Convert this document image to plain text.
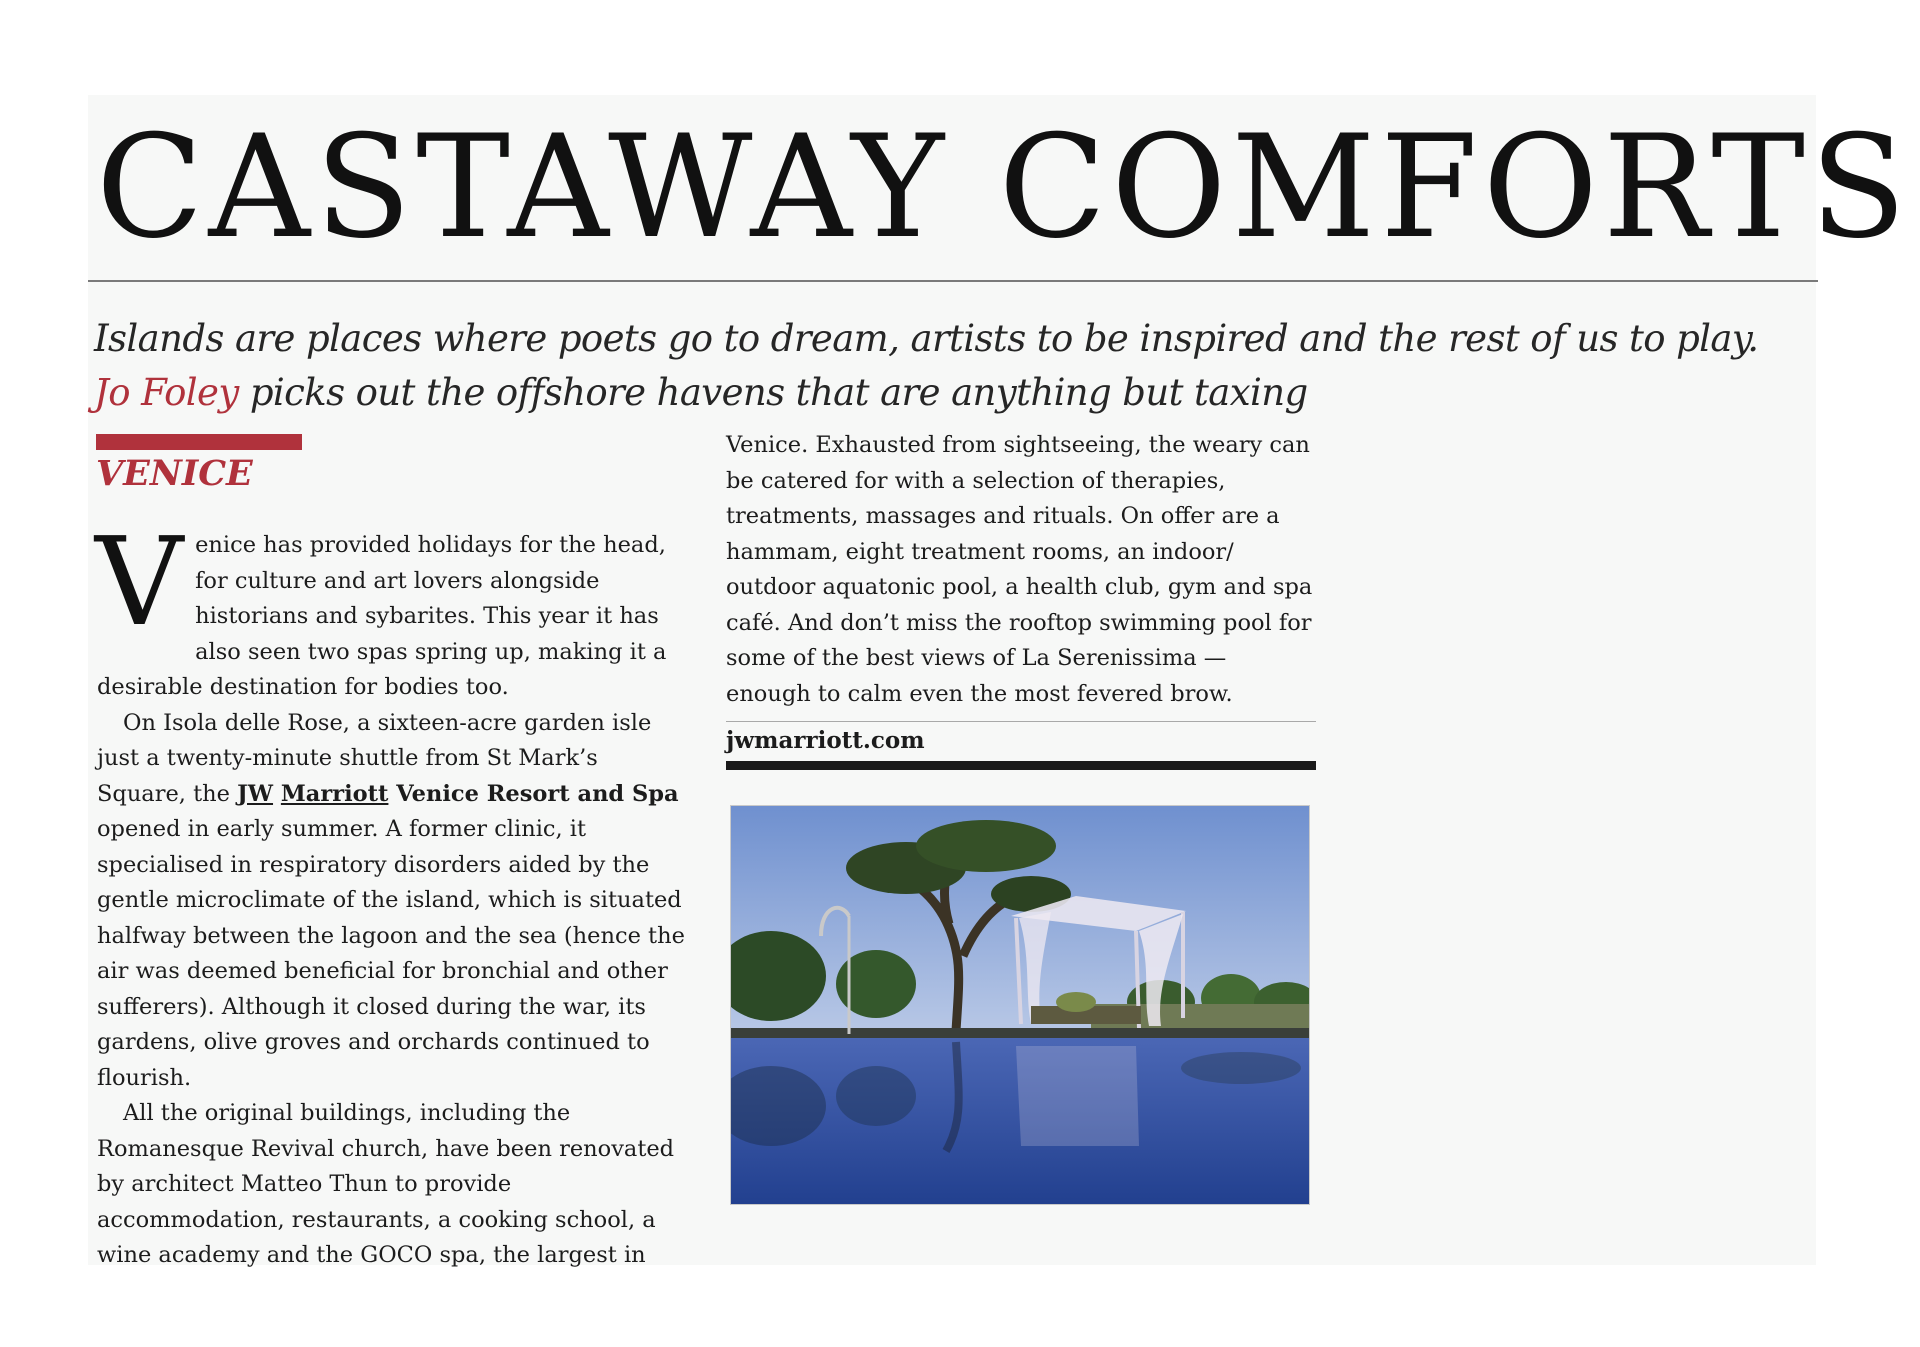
CASTAWAY COMFORTS

Islands are places where poets go to dream, artists to be inspired and the rest of us to play.
Jo Foley picks out the offshore havens that are anything but taxing

VENICE

Venice has provided holidays for the head, for culture and art lovers alongside historians and sybarites. This year it has also seen two spas spring up, making it a desirable destination for bodies too.

On Isola delle Rose, a sixteen-acre garden isle just a twenty-minute shuttle from St Mark’s Square, the JW Marriott Venice Resort and Spa opened in early summer. A former clinic, it specialised in respiratory disorders aided by the gentle microclimate of the island, which is situated halfway between the lagoon and the sea (hence the air was deemed beneficial for bronchial and other sufferers). Although it closed during the war, its gardens, olive groves and orchards continued to flourish.

All the original buildings, including the Romanesque Revival church, have been renovated by architect Matteo Thun to provide accommodation, restaurants, a cooking school, a wine academy and the GOCO spa, the largest in

Venice. Exhausted from sightseeing, the weary can be catered for with a selection of therapies, treatments, massages and rituals. On offer are a hammam, eight treatment rooms, an indoor/ outdoor aquatonic pool, a health club, gym and spa café. And don’t miss the rooftop swimming pool for some of the best views of La Serenissima — enough to calm even the most fevered brow.

jwmarriott.com
